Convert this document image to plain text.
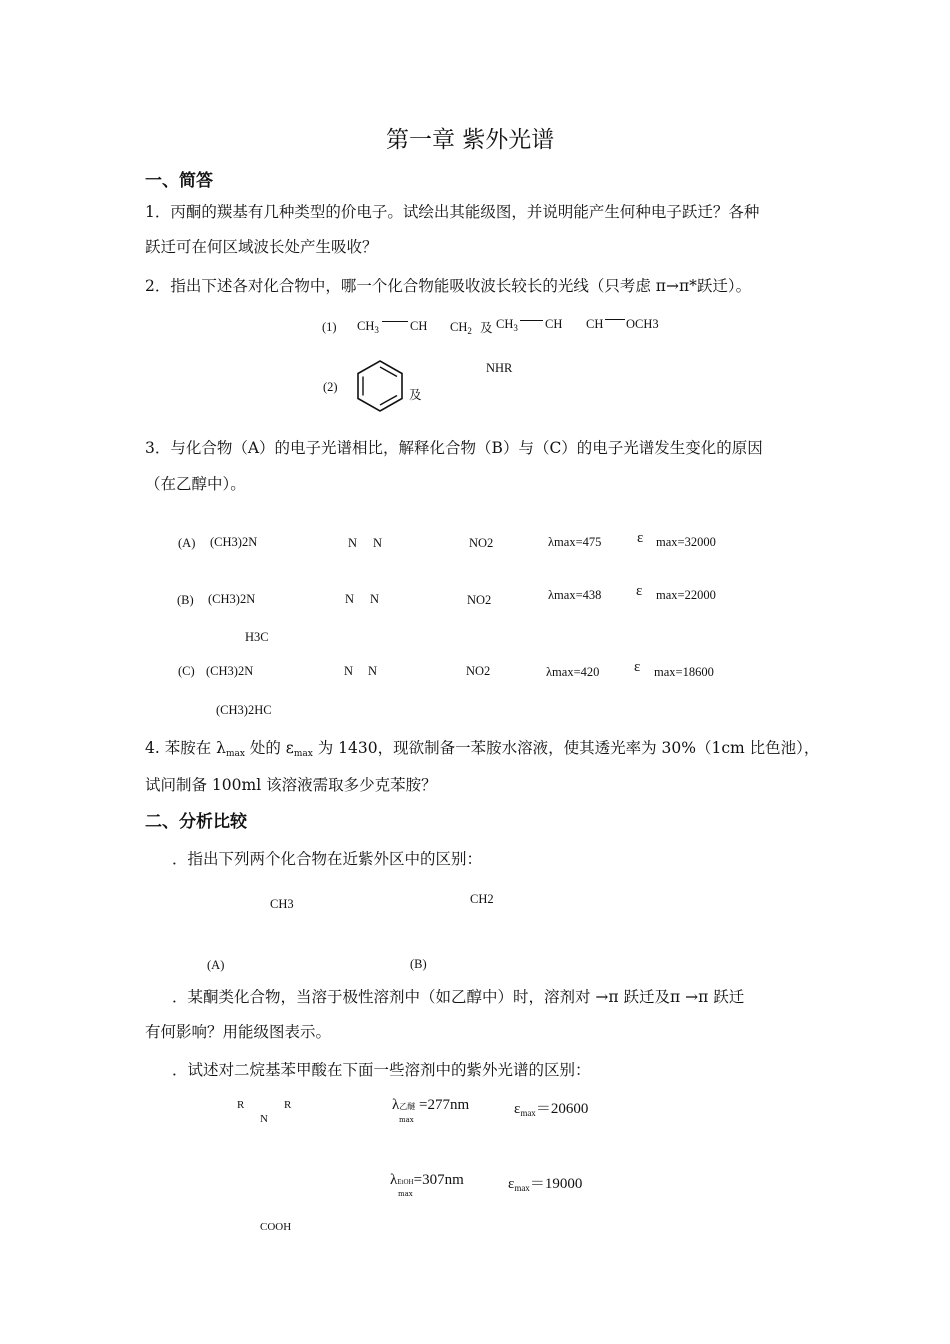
第一章 紫外光谱
一、简答
1．丙酮的羰基有几种类型的价电子。试绘出其能级图，并说明能产生何种电子跃迁？各种
跃迁可在何区域波长处产生吸收？
2．指出下述各对化合物中，哪一个化合物能吸收波长较长的光线（只考虑 π→π*跃迁）。
(1) $CH_3$ CH $CH_2$ 及 $CH_3$ CH CH OCH3
NHR
(2)
及
3．与化合物（A）的电子光谱相比，解释化合物（B）与（C）的电子光谱发生变化的原因
（在乙醇中）。
(A) (CH3)2N	N N	NO2	λmax=475 ε max=32000
(B) (CH3)2N	N N	NO2	λmax=438 ε max=22000
H3C
(C) (CH3)2N	N N	NO2	λmax=420 ε max=18600
(CH3)2HC
4. 苯胺在 $\lambda_{max}$ 处的 $\varepsilon_{max}$ 为 1430，现欲制备一苯胺水溶液，使其透光率为 30%（1cm 比色池），
试问制备 100ml 该溶液需取多少克苯胺？
二、分析比较
．指出下列两个化合物在近紫外区中的区别：
CH3	CH2
(A)	(B)
．某酮类化合物，当溶于极性溶剂中（如乙醇中）时，溶剂对 →π 跃迁及π →π 跃迁
有何影响？用能级图表示。
．试述对二烷基苯甲酸在下面一些溶剂中的紫外光谱的区别：
R	R
N
COOH
λ乙醚 =277nm
max
$\varepsilon_{max}=20600$
λEtOH=307nm
max
$\varepsilon_{max}=19000$
